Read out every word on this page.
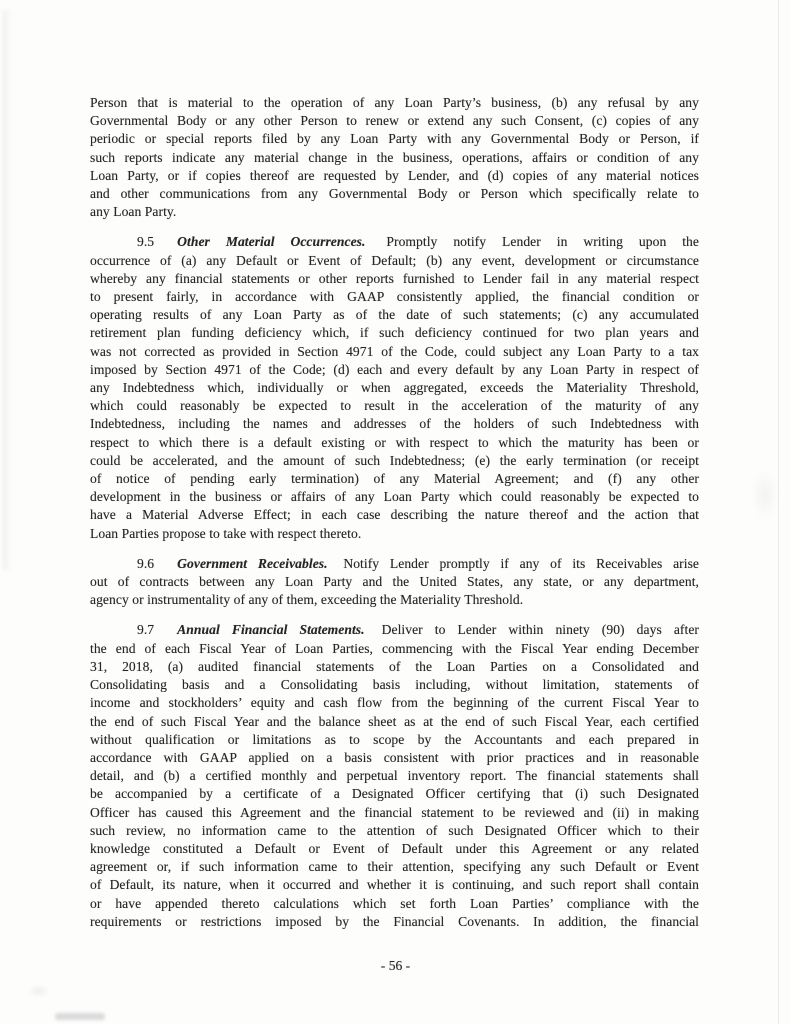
Person that is material to the operation of any Loan Party’s business, (b) any refusal by any
Governmental Body or any other Person to renew or extend any such Consent, (c) copies of any
periodic or special reports filed by any Loan Party with any Governmental Body or Person, if
such reports indicate any material change in the business, operations, affairs or condition of any
Loan Party, or if copies thereof are requested by Lender, and (d) copies of any material notices
and other communications from any Governmental Body or Person which specifically relate to
any Loan Party.

9.5 Other Material Occurrences. Promptly notify Lender in writing upon the
occurrence of (a) any Default or Event of Default; (b) any event, development or circumstance
whereby any financial statements or other reports furnished to Lender fail in any material respect
to present fairly, in accordance with GAAP consistently applied, the financial condition or
operating results of any Loan Party as of the date of such statements; (c) any accumulated
retirement plan funding deficiency which, if such deficiency continued for two plan years and
was not corrected as provided in Section 4971 of the Code, could subject any Loan Party to a tax
imposed by Section 4971 of the Code; (d) each and every default by any Loan Party in respect of
any Indebtedness which, individually or when aggregated, exceeds the Materiality Threshold,
which could reasonably be expected to result in the acceleration of the maturity of any
Indebtedness, including the names and addresses of the holders of such Indebtedness with
respect to which there is a default existing or with respect to which the maturity has been or
could be accelerated, and the amount of such Indebtedness; (e) the early termination (or receipt
of notice of pending early termination) of any Material Agreement; and (f) any other
development in the business or affairs of any Loan Party which could reasonably be expected to
have a Material Adverse Effect; in each case describing the nature thereof and the action that
Loan Parties propose to take with respect thereto.

9.6 Government Receivables. Notify Lender promptly if any of its Receivables arise
out of contracts between any Loan Party and the United States, any state, or any department,
agency or instrumentality of any of them, exceeding the Materiality Threshold.

9.7 Annual Financial Statements. Deliver to Lender within ninety (90) days after
the end of each Fiscal Year of Loan Parties, commencing with the Fiscal Year ending December
31, 2018, (a) audited financial statements of the Loan Parties on a Consolidated and
Consolidating basis and a Consolidating basis including, without limitation, statements of
income and stockholders’ equity and cash flow from the beginning of the current Fiscal Year to
the end of such Fiscal Year and the balance sheet as at the end of such Fiscal Year, each certified
without qualification or limitations as to scope by the Accountants and each prepared in
accordance with GAAP applied on a basis consistent with prior practices and in reasonable
detail, and (b) a certified monthly and perpetual inventory report. The financial statements shall
be accompanied by a certificate of a Designated Officer certifying that (i) such Designated
Officer has caused this Agreement and the financial statement to be reviewed and (ii) in making
such review, no information came to the attention of such Designated Officer which to their
knowledge constituted a Default or Event of Default under this Agreement or any related
agreement or, if such information came to their attention, specifying any such Default or Event
of Default, its nature, when it occurred and whether it is continuing, and such report shall contain
or have appended thereto calculations which set forth Loan Parties’ compliance with the
requirements or restrictions imposed by the Financial Covenants. In addition, the financial

- 56 -
